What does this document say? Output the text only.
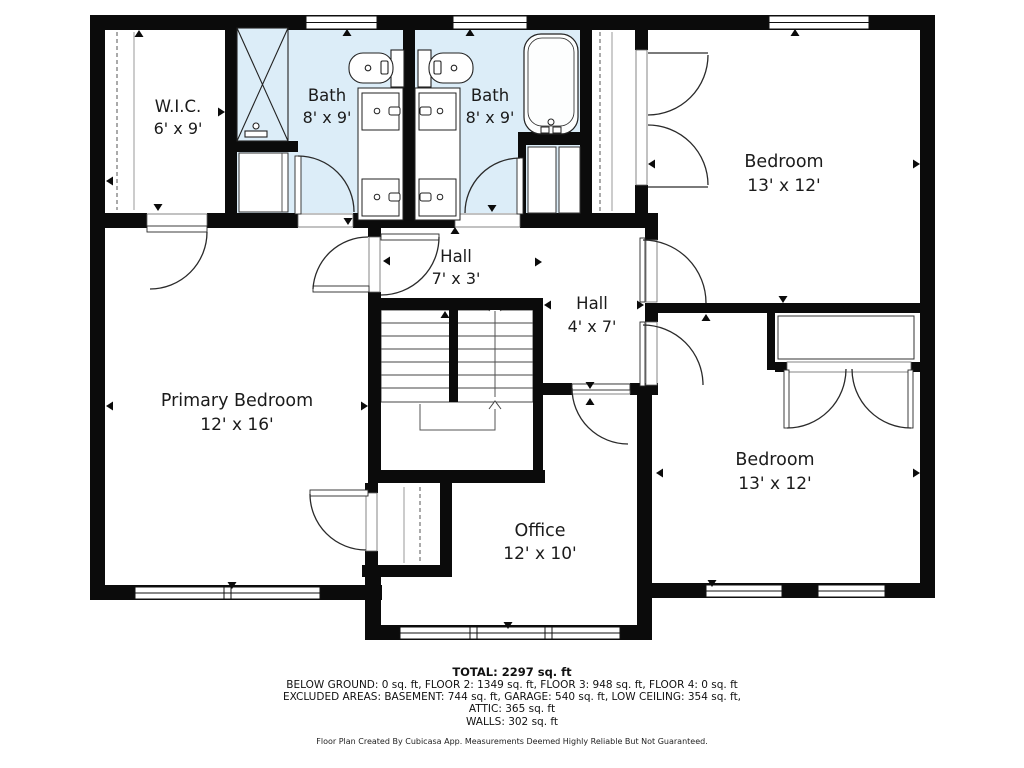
W.I.C.
6' x 9'
Bath
8' x 9'
Bath
8' x 9'
Bedroom
13' x 12'
Hall
7' x 3'
Hall
4' x 7'
Primary Bedroom
12' x 16'
Bedroom
13' x 12'
Office
12' x 10'
TOTAL: 2297 sq. ft
BELOW GROUND: 0 sq. ft, FLOOR 2: 1349 sq. ft, FLOOR 3: 948 sq. ft, FLOOR 4: 0 sq. ft
EXCLUDED AREAS: BASEMENT: 744 sq. ft, GARAGE: 540 sq. ft, LOW CEILING: 354 sq. ft,
ATTIC: 365 sq. ft
WALLS: 302 sq. ft
Floor Plan Created By Cubicasa App. Measurements Deemed Highly Reliable But Not Guaranteed.
